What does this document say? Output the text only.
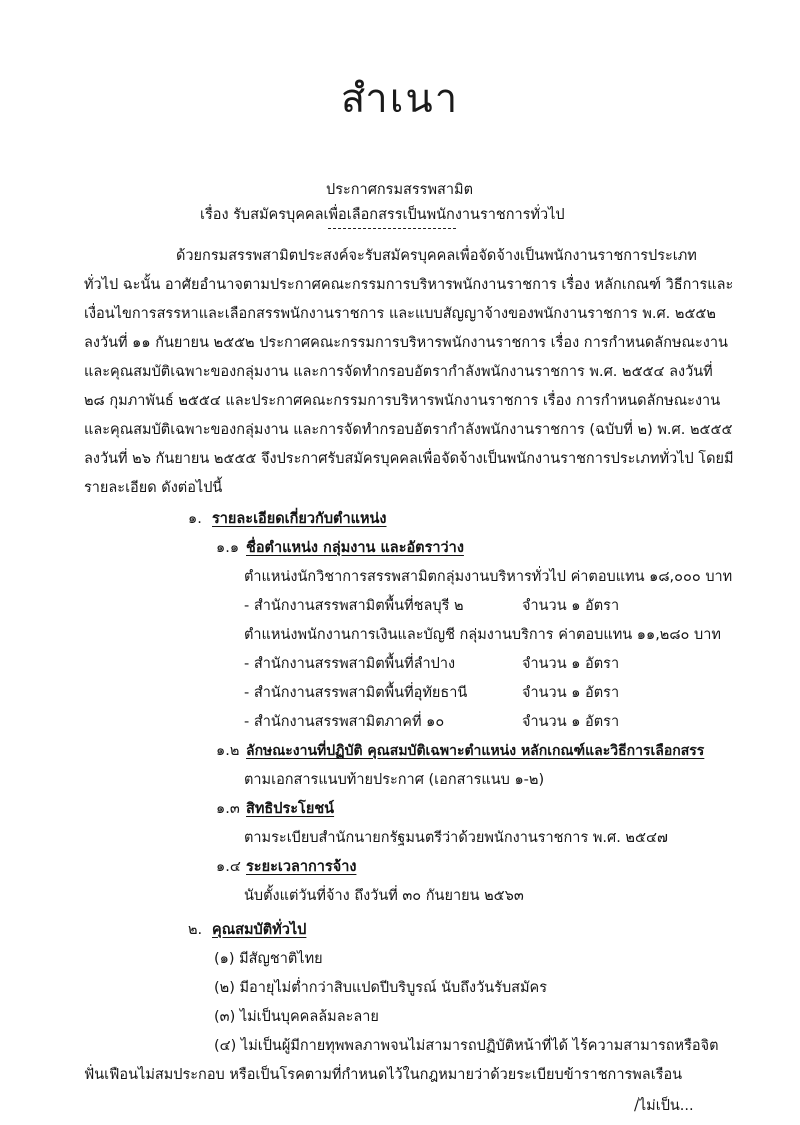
สำเนา
ประกาศกรมสรรพสามิต
เรื่อง รับสมัครบุคคลเพื่อเลือกสรรเป็นพนักงานราชการทั่วไป
ด้วยกรมสรรพสามิตประสงค์จะรับสมัครบุคคลเพื่อจัดจ้างเป็นพนักงานราชการประเภท
ทั่วไป ฉะนั้น อาศัยอำนาจตามประกาศคณะกรรมการบริหารพนักงานราชการ เรื่อง หลักเกณฑ์ วิธีการและ
เงื่อนไขการสรรหาและเลือกสรรพนักงานราชการ และแบบสัญญาจ้างของพนักงานราชการ พ.ศ. ๒๕๕๒
ลงวันที่ ๑๑ กันยายน ๒๕๕๒ ประกาศคณะกรรมการบริหารพนักงานราชการ เรื่อง การกำหนดลักษณะงาน
และคุณสมบัติเฉพาะของกลุ่มงาน และการจัดทำกรอบอัตรากำลังพนักงานราชการ พ.ศ. ๒๕๕๔ ลงวันที่
๒๘ กุมภาพันธ์ ๒๕๕๔ และประกาศคณะกรรมการบริหารพนักงานราชการ เรื่อง การกำหนดลักษณะงาน
และคุณสมบัติเฉพาะของกลุ่มงาน และการจัดทำกรอบอัตรากำลังพนักงานราชการ (ฉบับที่ ๒) พ.ศ. ๒๕๕๕
ลงวันที่ ๒๖ กันยายน ๒๕๕๕ จึงประกาศรับสมัครบุคคลเพื่อจัดจ้างเป็นพนักงานราชการประเภททั่วไป โดยมี
รายละเอียด ดังต่อไปนี้
๑. รายละเอียดเกี่ยวกับตำแหน่ง
๑.๑ ชื่อตำแหน่ง กลุ่มงาน และอัตราว่าง
ตำแหน่งนักวิชาการสรรพสามิตกลุ่มงานบริหารทั่วไป ค่าตอบแทน ๑๘,๐๐๐ บาท
- สำนักงานสรรพสามิตพื้นที่ชลบุรี ๒	จำนวน ๑ อัตรา
ตำแหน่งพนักงานการเงินและบัญชี กลุ่มงานบริการ ค่าตอบแทน ๑๑,๒๘๐ บาท
- สำนักงานสรรพสามิตพื้นที่ลำปาง	จำนวน ๑ อัตรา
- สำนักงานสรรพสามิตพื้นที่อุทัยธานี	จำนวน ๑ อัตรา
- สำนักงานสรรพสามิตภาคที่ ๑๐	จำนวน ๑ อัตรา
๑.๒ ลักษณะงานที่ปฏิบัติ คุณสมบัติเฉพาะตำแหน่ง หลักเกณฑ์และวิธีการเลือกสรร
ตามเอกสารแนบท้ายประกาศ (เอกสารแนบ ๑-๒)
๑.๓ สิทธิประโยชน์
ตามระเบียบสำนักนายกรัฐมนตรีว่าด้วยพนักงานราชการ พ.ศ. ๒๕๔๗
๑.๔ ระยะเวลาการจ้าง
นับตั้งแต่วันที่จ้าง ถึงวันที่ ๓๐ กันยายน ๒๕๖๓
๒. คุณสมบัติทั่วไป
(๑) มีสัญชาติไทย
(๒) มีอายุไม่ต่ำกว่าสิบแปดปีบริบูรณ์ นับถึงวันรับสมัคร
(๓) ไม่เป็นบุคคลล้มละลาย
(๔) ไม่เป็นผู้มีกายทุพพลภาพจนไม่สามารถปฏิบัติหน้าที่ได้ ไร้ความสามารถหรือจิต
ฟั่นเฟือนไม่สมประกอบ หรือเป็นโรคตามที่กำหนดไว้ในกฎหมายว่าด้วยระเบียบข้าราชการพลเรือน
/ไม่เป็น...
